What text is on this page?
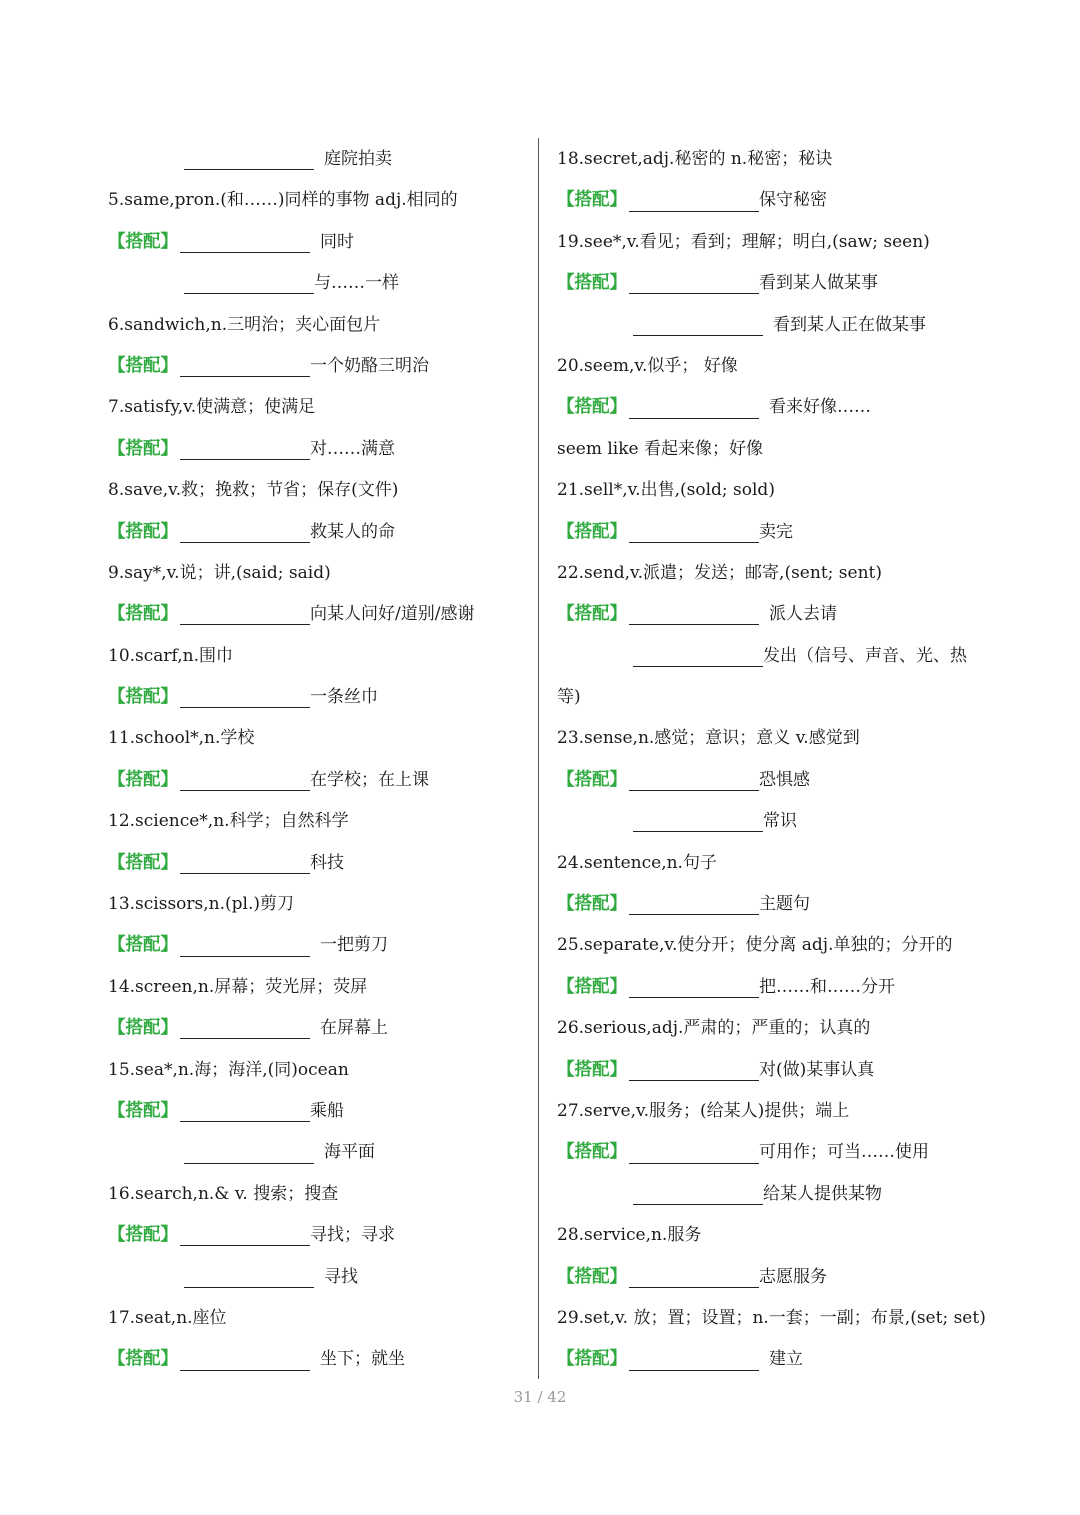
庭院拍卖
5.same,pron.(和……)同样的事物 adj.相同的
【搭配】	同时
与……一样
6.sandwich,n.三明治；夹心面包片
【搭配】	一个奶酪三明治
7.satisfy,v.使满意；使满足
【搭配】	对……满意
8.save,v.救；挽救；节省；保存(文件)
【搭配】	救某人的命
9.say*,v.说；讲,(said; said)
【搭配】	向某人问好/道别/感谢
10.scarf,n.围巾
【搭配】	一条丝巾
11.school*,n.学校
【搭配】	在学校；在上课
12.science*,n.科学；自然科学
【搭配】	科技
13.scissors,n.(pl.)剪刀
【搭配】	一把剪刀
14.screen,n.屏幕；荧光屏；荧屏
【搭配】	在屏幕上
15.sea*,n.海；海洋,(同)ocean
【搭配】	乘船
海平面
16.search,n.& v. 搜索；搜查
【搭配】	寻找；寻求
寻找
17.seat,n.座位
【搭配】	坐下；就坐
18.secret,adj.秘密的 n.秘密；秘诀
【搭配】	保守秘密
19.see*,v.看见；看到；理解；明白,(saw; seen)
【搭配】	看到某人做某事
看到某人正在做某事
20.seem,v.似乎； 好像
【搭配】	看来好像……
seem like 看起来像；好像
21.sell*,v.出售,(sold; sold)
【搭配】	卖完
22.send,v.派遣；发送；邮寄,(sent; sent)
【搭配】	派人去请
发出（信号、声音、光、热
等)
23.sense,n.感觉；意识；意义 v.感觉到
【搭配】	恐惧感
常识
24.sentence,n.句子
【搭配】	主题句
25.separate,v.使分开；使分离 adj.单独的；分开的
【搭配】	把……和……分开
26.serious,adj.严肃的；严重的；认真的
【搭配】	对(做)某事认真
27.serve,v.服务；(给某人)提供；端上
【搭配】	可用作；可当……使用
给某人提供某物
28.service,n.服务
【搭配】	志愿服务
29.set,v. 放；置；设置；n.一套；一副；布景,(set; set)
【搭配】	建立
31 / 42
